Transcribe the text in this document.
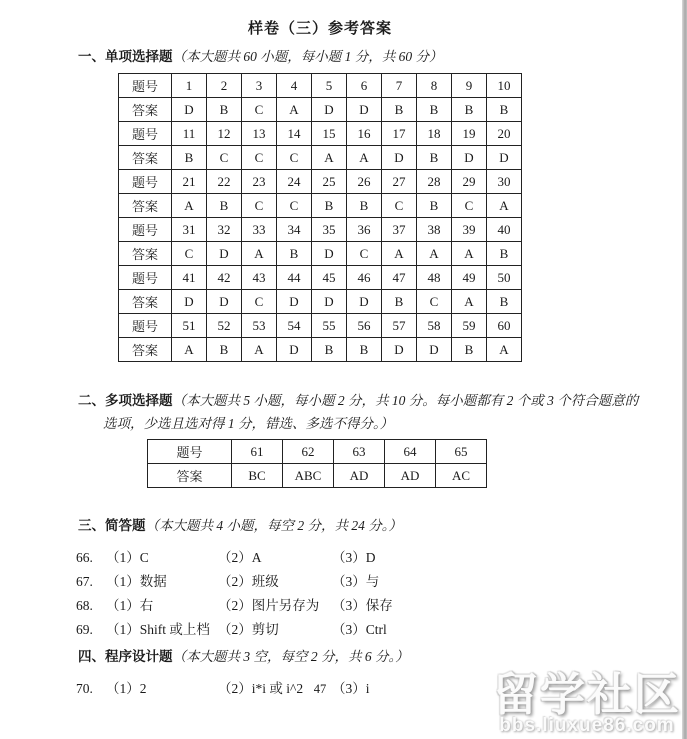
样卷（三）参考答案
一、单项选择题（本大题共 60 小题，每小题 1 分，共 60 分）
题号	1	2	3	4	5	6	7	8	9	10
答案	D	B	C	A	D	D	B	B	B	B
题号	11	12	13	14	15	16	17	18	19	20
答案	B	C	C	C	A	A	D	B	D	D
题号	21	22	23	24	25	26	27	28	29	30
答案	A	B	C	C	B	B	C	B	C	A
题号	31	32	33	34	35	36	37	38	39	40
答案	C	D	A	B	D	C	A	A	A	B
题号	41	42	43	44	45	46	47	48	49	50
答案	D	D	C	D	D	D	B	C	A	B
题号	51	52	53	54	55	56	57	58	59	60
答案	A	B	A	D	B	B	D	D	B	A
二、多项选择题（本大题共 5 小题，每小题 2 分，共 10 分。每小题都有 2 个或 3 个符合题意的
选项，少选且选对得 1 分，错选、多选不得分。）
题号	61	62	63	64	65
答案	BC	ABC	AD	AD	AC
三、简答题（本大题共 4 小题，每空 2 分，共 24 分。）
66. （1）C	（2）A	（3）D
67. （1）数据	（2）班级	（3）与
68. （1）右	（2）图片另存为 （3）保存
69. （1）Shift 或上档 （2）剪切	（3）Ctrl
四、程序设计题（本大题共 3 空，每空 2 分，共 6 分。）
70. （1）2	（2）i*i 或 i^2 （3）i
47	留学社区
bbs.liuxue86.com
